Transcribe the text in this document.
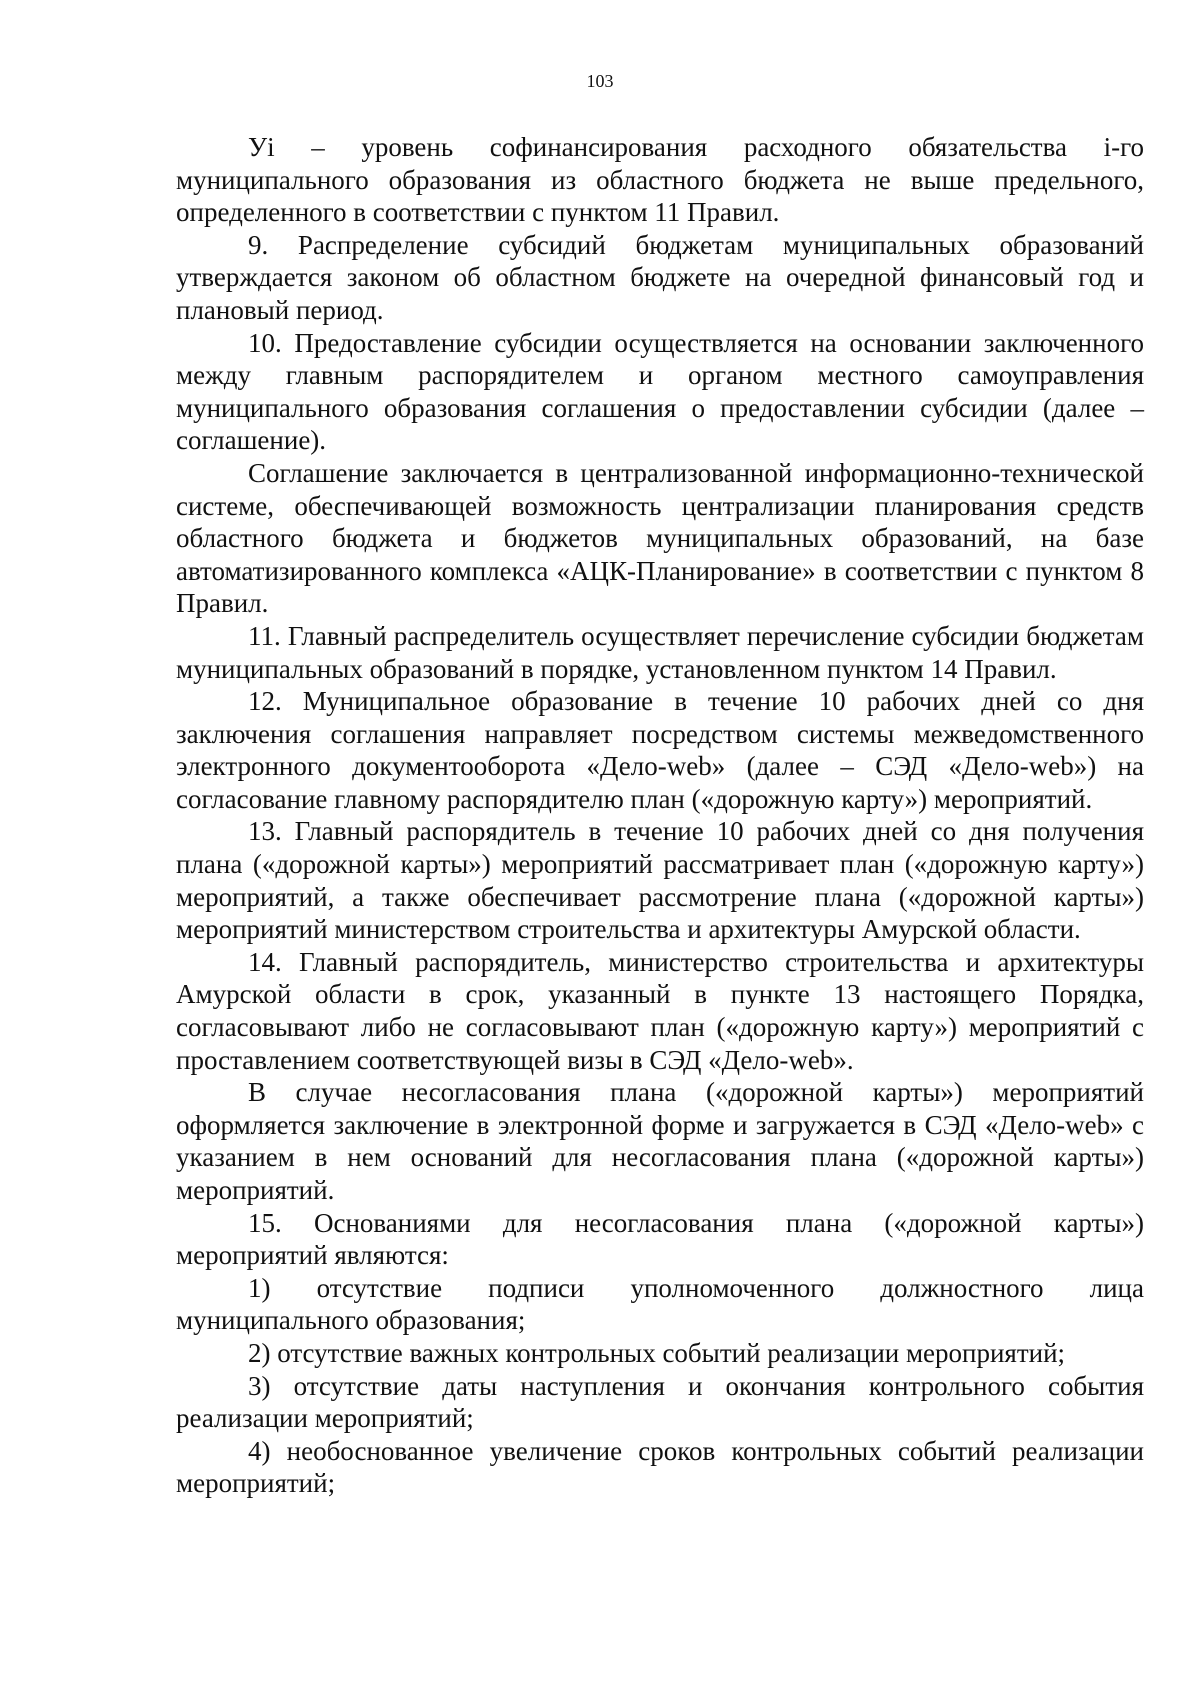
103

Уi – уровень софинансирования расходного обязательства i-го муниципального образования из областного бюджета не выше предельного, определенного в соответствии с пунктом 11 Правил.

9. Распределение субсидий бюджетам муниципальных образований утверждается законом об областном бюджете на очередной финансовый год и плановый период.

10. Предоставление субсидии осуществляется на основании заключенного между главным распорядителем и органом местного самоуправления муниципального образования соглашения о предоставлении субсидии (далее – соглашение).

Соглашение заключается в централизованной информационно-технической системе, обеспечивающей возможность централизации планирования средств областного бюджета и бюджетов муниципальных образований, на базе автоматизированного комплекса «АЦК-Планирование» в соответствии с пунктом 8 Правил.

11. Главный распределитель осуществляет перечисление субсидии бюджетам муниципальных образований в порядке, установленном пунктом 14 Правил.

12. Муниципальное образование в течение 10 рабочих дней со дня заключения соглашения направляет посредством системы межведомственного электронного документооборота «Дело-web» (далее – СЭД «Дело-web») на согласование главному распорядителю план («дорожную карту») мероприятий.

13. Главный распорядитель в течение 10 рабочих дней со дня получения плана («дорожной карты») мероприятий рассматривает план («дорожную карту») мероприятий, а также обеспечивает рассмотрение плана («дорожной карты») мероприятий министерством строительства и архитектуры Амурской области.

14. Главный распорядитель, министерство строительства и архитектуры Амурской области в срок, указанный в пункте 13 настоящего Порядка, согласовывают либо не согласовывают план («дорожную карту») мероприятий с проставлением соответствующей визы в СЭД «Дело-web».

В случае несогласования плана («дорожной карты») мероприятий оформляется заключение в электронной форме и загружается в СЭД «Дело-web» с указанием в нем оснований для несогласования плана («дорожной карты») мероприятий.

15. Основаниями для несогласования плана («дорожной карты») мероприятий являются:

1) отсутствие подписи уполномоченного должностного лица муниципального образования;

2) отсутствие важных контрольных событий реализации мероприятий;

3) отсутствие даты наступления и окончания контрольного события реализации мероприятий;

4) необоснованное увеличение сроков контрольных событий реализации мероприятий;
